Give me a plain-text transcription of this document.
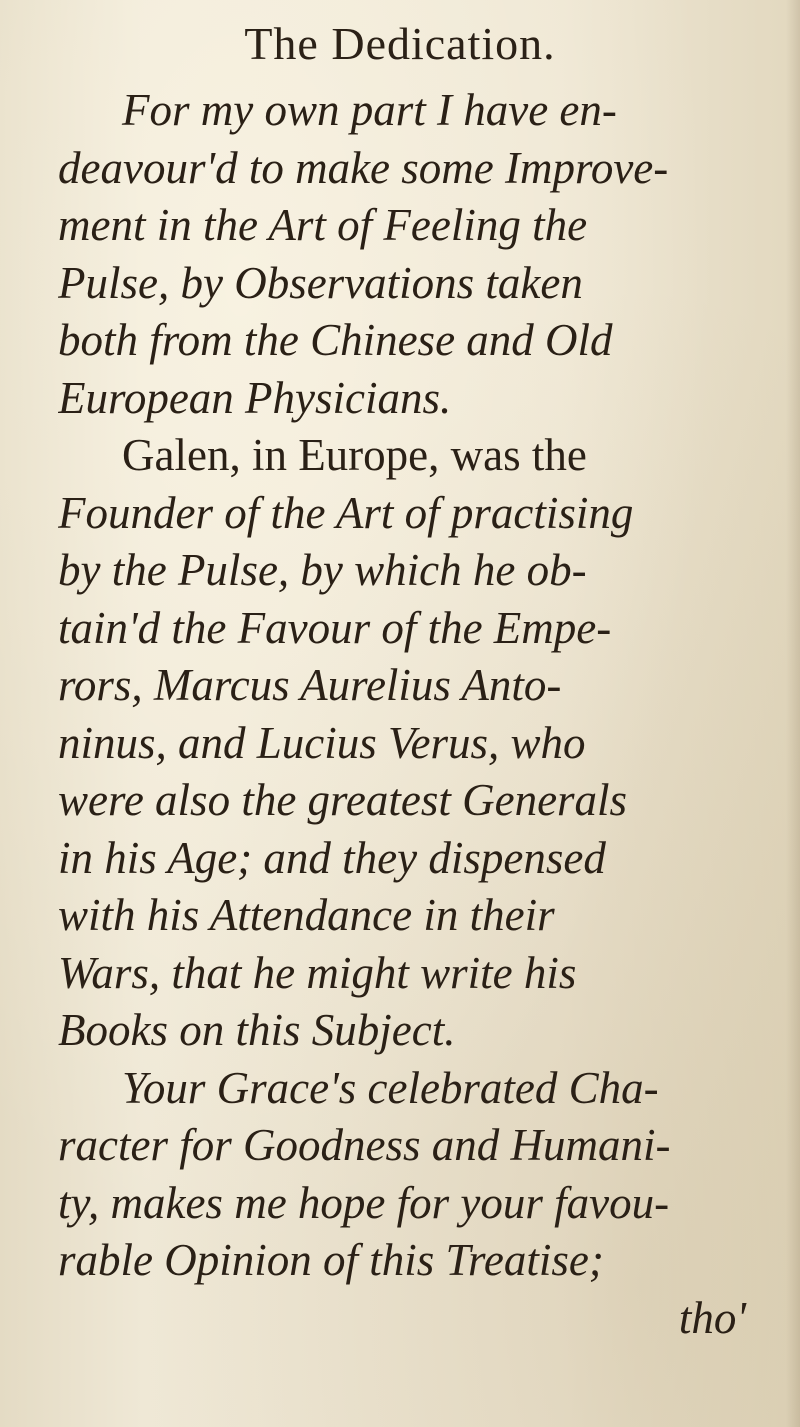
The Dedication.
For my own part I have en-
deavour'd to make some Improve-
ment in the Art of Feeling the
Pulse, by Observations taken
both from the Chinese and Old
European Physicians.
Galen, in Europe, was the
Founder of the Art of practising
by the Pulse, by which he ob-
tain'd the Favour of the Empe-
rors, Marcus Aurelius Anto-
ninus, and Lucius Verus, who
were also the greatest Generals
in his Age; and they dispensed
with his Attendance in their
Wars, that he might write his
Books on this Subject.
Your Grace's celebrated Cha-
racter for Goodness and Humani-
ty, makes me hope for your favou-
rable Opinion of this Treatise;
tho'
